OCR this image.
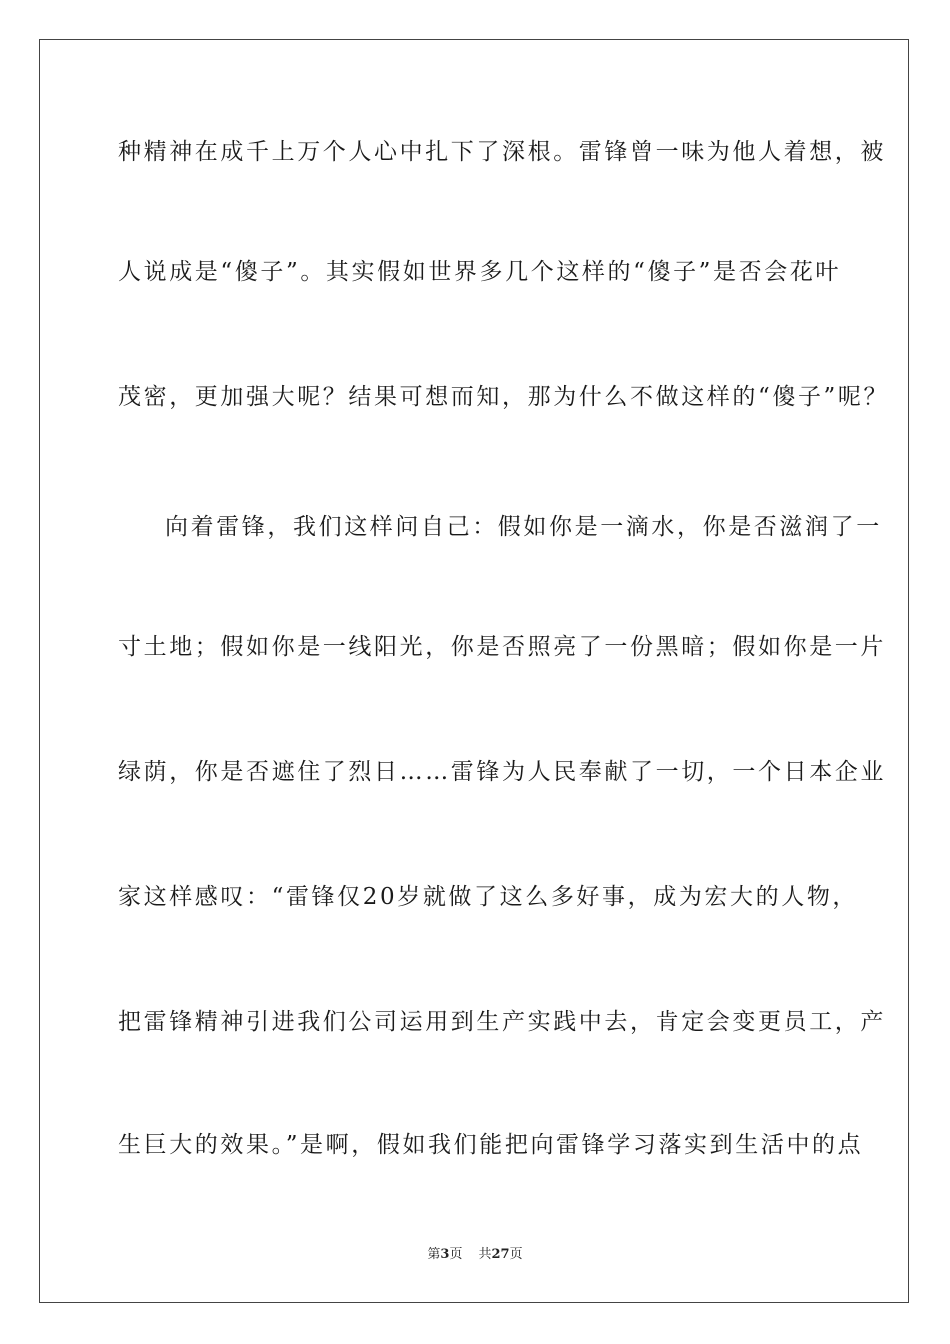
种精神在成千上万个人心中扎下了深根。雷锋曾一味为他人着想，被
人说成是“傻子”。其实假如世界多几个这样的“傻子”是否会花叶
茂密，更加强大呢？结果可想而知，那为什么不做这样的“傻子”呢？
向着雷锋，我们这样问自己：假如你是一滴水，你是否滋润了一
寸土地；假如你是一线阳光，你是否照亮了一份黑暗；假如你是一片
绿荫，你是否遮住了烈日……雷锋为人民奉献了一切，一个日本企业
家这样感叹：“雷锋仅20岁就做了这么多好事，成为宏大的人物，
把雷锋精神引进我们公司运用到生产实践中去，肯定会变更员工，产
生巨大的效果。”是啊，假如我们能把向雷锋学习落实到生活中的点
第3页 共27页
